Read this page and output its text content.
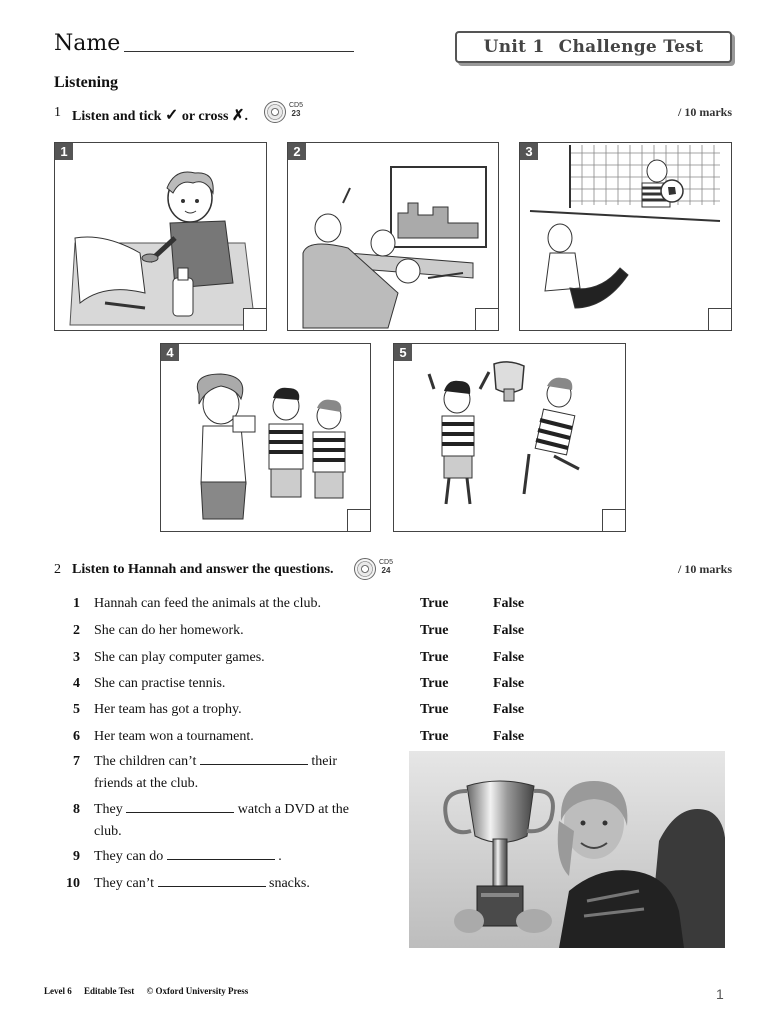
Name	Unit 1 Challenge Test
Listening
1 Listen and tick ✓ or cross ✗.
CD5
23	/ 10 marks
1	2	3
4	5
2 Listen to Hannah and answer the questions.	CD5
24	/ 10 marks
1 Hannah can feed the animals at the club.	True	False
2 She can do her homework.	True	False
3 She can play computer games.	True	False
4 She can practise tennis.	True	False
5 Her team has got a trophy.	True	False
6 Her team won a tournament.	True	False
7 The children can’t	their friends at the club.
8 They	watch a DVD at the club.
9 They can do	.
10 They can’t	snacks.
Level 6 Editable Test © Oxford University Press	1
